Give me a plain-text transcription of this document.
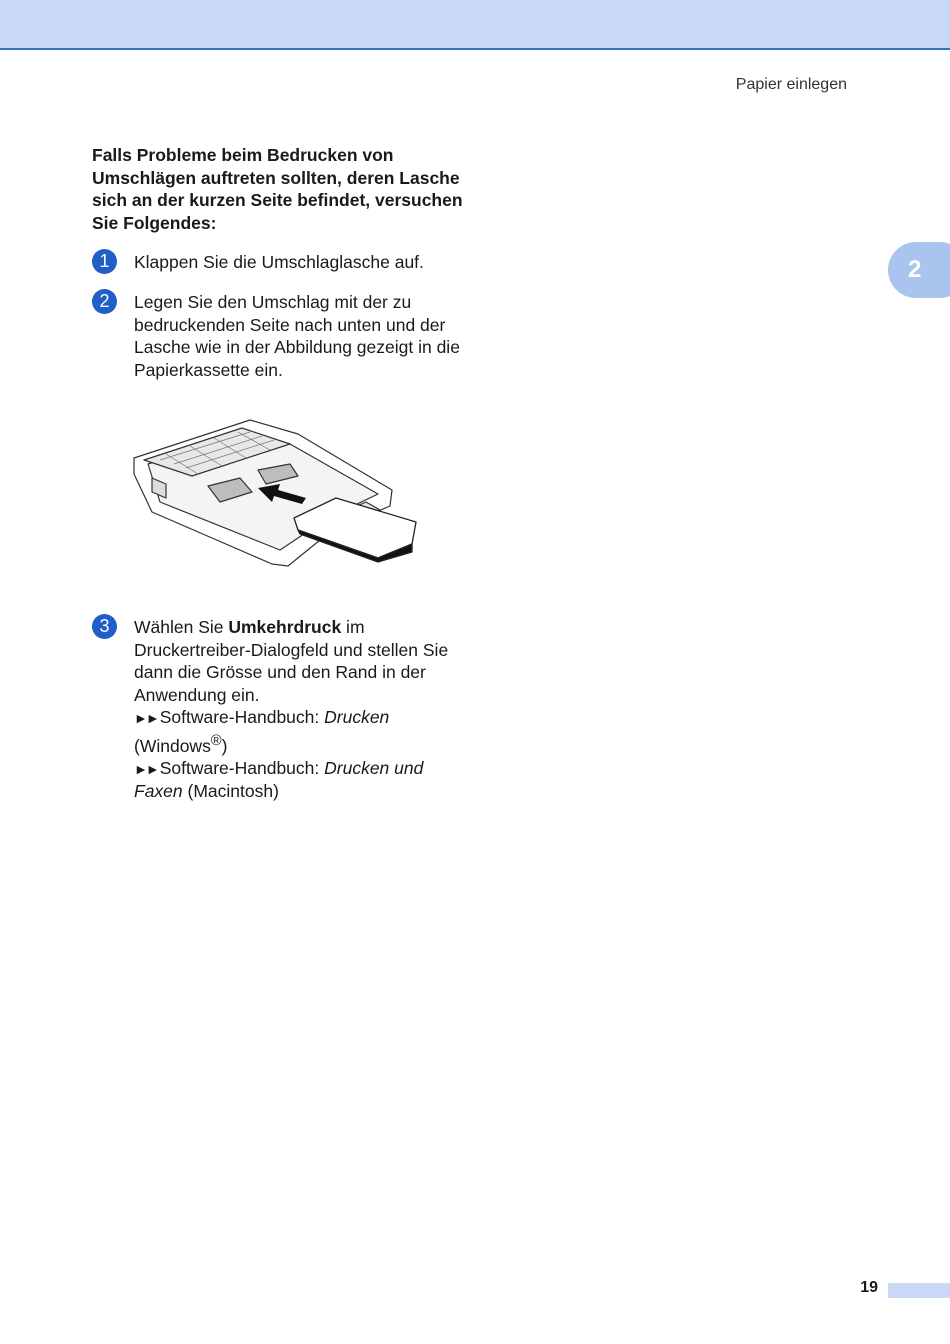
Papier einlegen
2
Falls Probleme beim Bedrucken von Umschlägen auftreten sollten, deren Lasche sich an der kurzen Seite befindet, versuchen Sie Folgendes:
1	Klappen Sie die Umschlaglasche auf.
2	Legen Sie den Umschlag mit der zu bedruckenden Seite nach unten und der Lasche wie in der Abbildung gezeigt in die Papierkassette ein.
3	Wählen Sie Umkehrdruck im Druckertreiber-Dialogfeld und stellen Sie dann die Grösse und den Rand in der Anwendung ein.
►► Software-Handbuch: Drucken
(Windows®)
►► Software-Handbuch: Drucken und Faxen (Macintosh)
19
